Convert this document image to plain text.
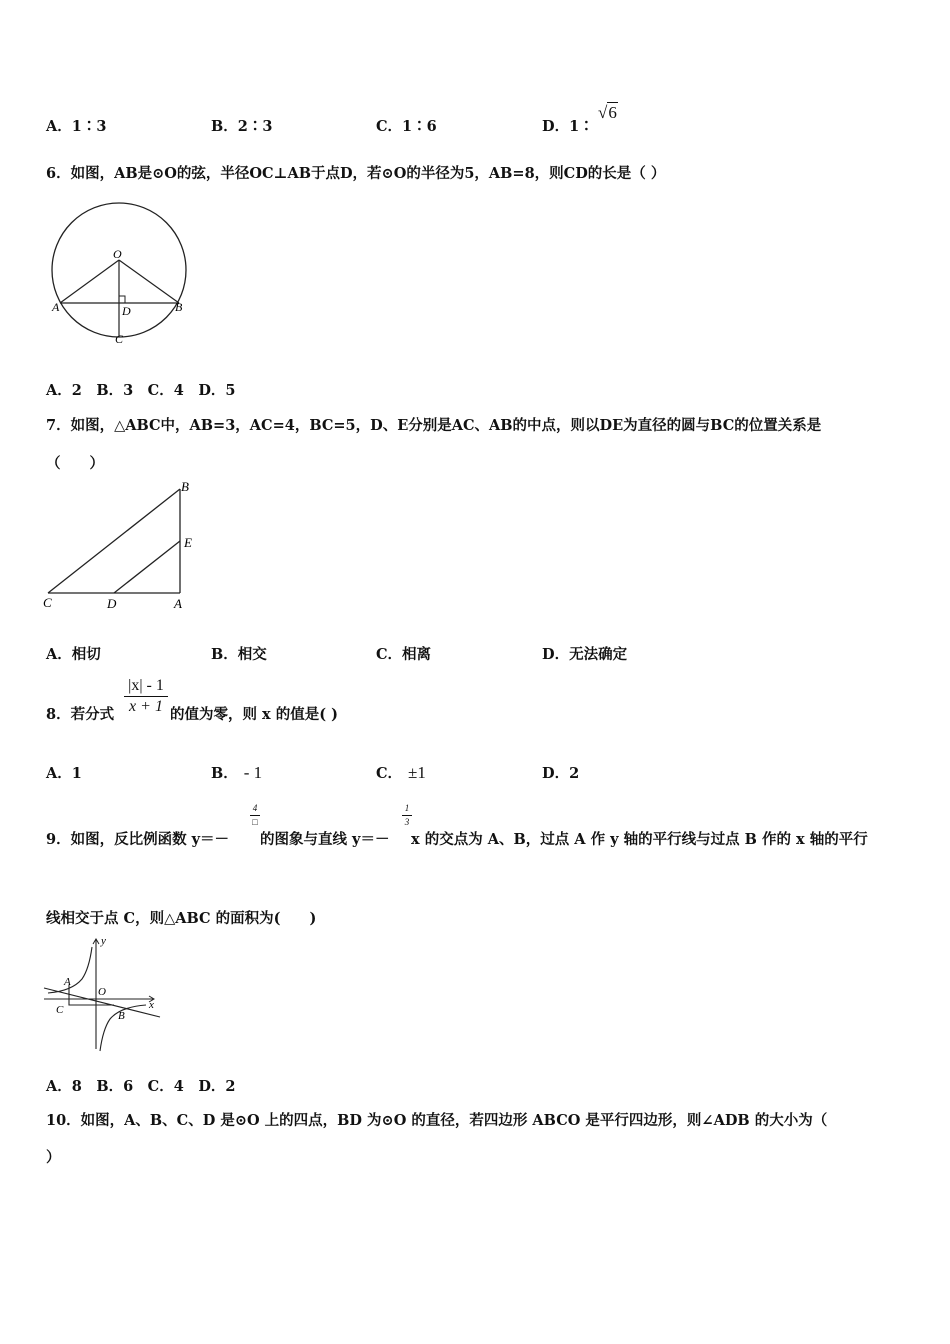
A．1∶3	B．2∶3	C．1∶6	D．1∶
√6
6．如图，AB是⊙O的弦，半径OC⊥AB于点D，若⊙O的半径为5，AB=8，则CD的长是（ ）
O
A	B
D
C
A．2　B．3　C．4　D．5
7．如图，△ABC中，AB=3，AC=4，BC=5，D、E分别是AC、AB的中点，则以DE为直径的圆与BC的位置关系是
（　　）
B
E
C	D	A
A．相切	B．相交	C．相离	D．无法确定
8．若分式
|x| - 1
x + 1 的值为零，则 x 的值是( )
A．1	B． - 1	C． ±1	D．2
9．如图，反比例函数 y＝－
4
□
的图象与直线 y＝－
1
3
x 的交点为 A、B，过点 A 作 y 轴的平行线与过点 B 作的 x 轴的平行
线相交于点 C，则△ABC 的面积为(　　)
y
x
A
O
C	B
A．8　B．6　C．4　D．2
10．如图，A、B、C、D 是⊙O 上的四点，BD 为⊙O 的直径，若四边形 ABCO 是平行四边形，则∠ADB 的大小为（
）
